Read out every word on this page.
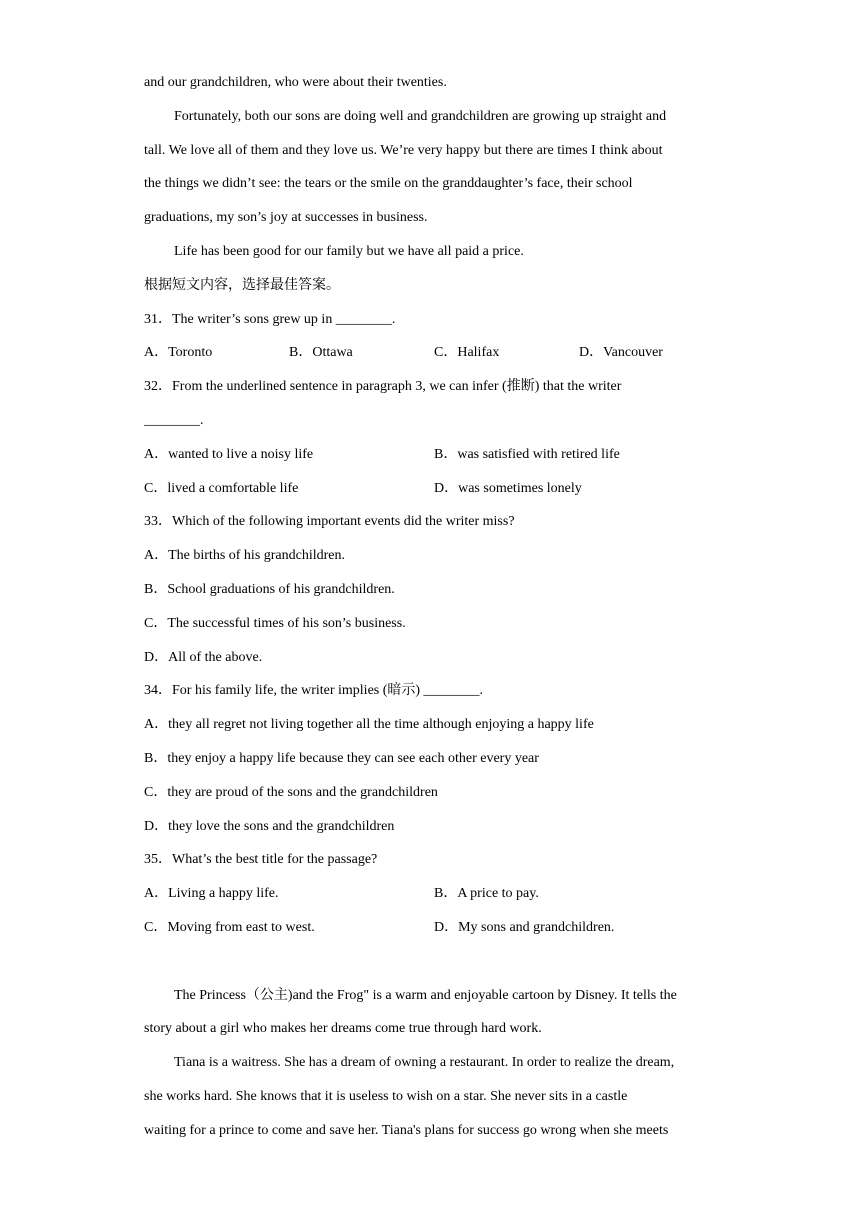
and our grandchildren, who were about their twenties.
Fortunately, both our sons are doing well and grandchildren are growing up straight and
tall. We love all of them and they love us. We’re very happy but there are times I think about
the things we didn’t see: the tears or the smile on the granddaughter’s face, their school
graduations, my son’s joy at successes in business.
Life has been good for our family but we have all paid a price.
根据短文内容，选择最佳答案。
31．The writer’s sons grew up in ________.
A．Toronto	B．Ottawa	C．Halifax	D．Vancouver
32．From the underlined sentence in paragraph 3, we can infer (推断) that the writer
________.
A．wanted to live a noisy life	B．was satisfied with retired life
C．lived a comfortable life	D．was sometimes lonely
33．Which of the following important events did the writer miss?
A．The births of his grandchildren.
B．School graduations of his grandchildren.
C．The successful times of his son’s business.
D．All of the above.
34．For his family life, the writer implies (暗示) ________.
A．they all regret not living together all the time although enjoying a happy life
B．they enjoy a happy life because they can see each other every year
C．they are proud of the sons and the grandchildren
D．they love the sons and the grandchildren
35．What’s the best title for the passage?
A．Living a happy life.	B．A price to pay.
C．Moving from east to west.	D．My sons and grandchildren.
The Princess（公主)and the Frog" is a warm and enjoyable cartoon by Disney. It tells the
story about a girl who makes her dreams come true through hard work.
Tiana is a waitress. She has a dream of owning a restaurant. In order to realize the dream,
she works hard. She knows that it is useless to wish on a star. She never sits in a castle
waiting for a prince to come and save her. Tiana's plans for success go wrong when she meets
